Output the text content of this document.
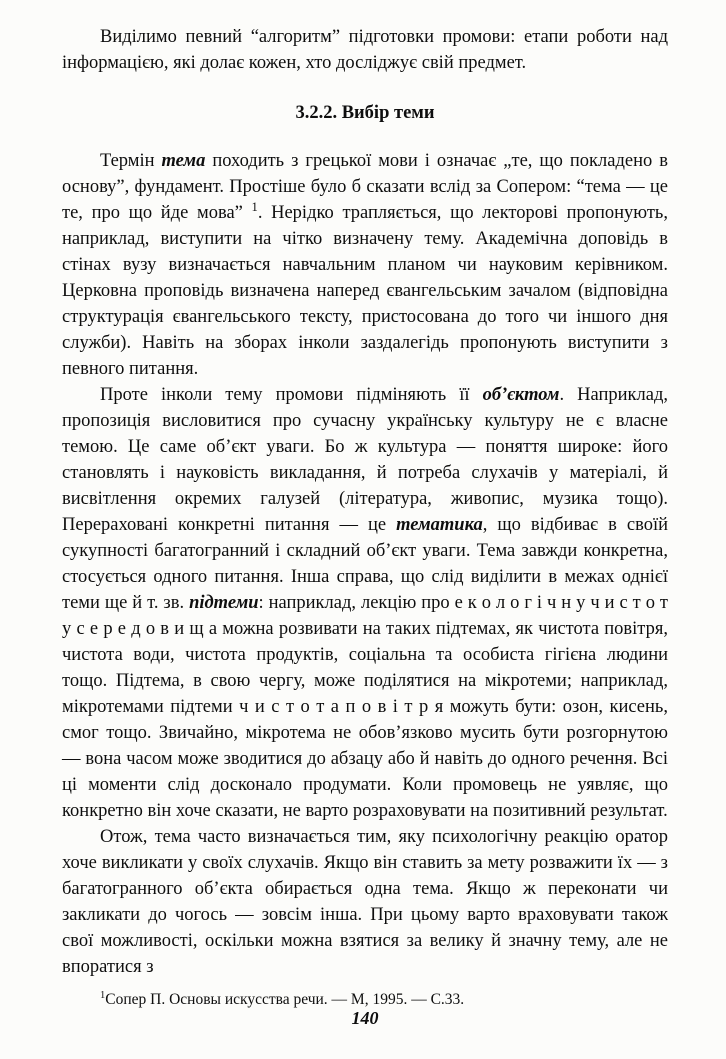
Виділимо певний “алгоритм” підготовки промови: етапи роботи над інформацією, які долає кожен, хто досліджує свій предмет.

3.2.2. Вибір теми

Термін тема походить з грецької мови і означає „те, що покладено в основу”, фундамент. Простіше було б сказати вслід за Сопером: “тема — це те, про що йде мова” $^1$. Нерідко трапляється, що лекторові пропонують, наприклад, виступити на чітко визначену тему. Академічна доповідь в стінах вузу визначається навчальним планом чи науковим керівником. Церковна проповідь визначена наперед євангельським зачалом (відповідна структурація євангельського тексту, пристосована до того чи іншого дня служби). Навіть на зборах інколи заздалегідь пропонують виступити з певного питання.

Проте інколи тему промови підміняють її об’єктом. Наприклад, пропозиція висловитися про сучасну українську культуру не є власне темою. Це саме об’єкт уваги. Бо ж культура — поняття широке: його становлять і науковість викладання, й потреба слухачів у матеріалі, й висвітлення окремих галузей (література, живопис, музика тощо). Перераховані конкретні питання — це тематика, що відбиває в своїй сукупності багатогранний і складний об’єкт уваги. Тема завжди конкретна, стосується одного питання. Інша справа, що слід виділити в межах однієї теми ще й т. зв. підтеми: наприклад, лекцію про е к о л о г і ч н у ч и с т о т у с е р е д о в и щ а можна розвивати на таких підтемах, як чистота повітря, чистота води, чистота продуктів, соціальна та особиста гігієна людини тощо. Підтема, в свою чергу, може поділятися на мікротеми; наприклад, мікротемами підтеми ч и с т о т а п о в і т р я можуть бути: озон, кисень, смог тощо. Звичайно, мікротема не обов’язково мусить бути розгорнутою — вона часом може зводитися до абзацу або й навіть до одного речення. Всі ці моменти слід досконало продумати. Коли промовець не уявляє, що конкретно він хоче сказати, не варто розраховувати на позитивний результат.

Отож, тема часто визначається тим, яку психологічну реакцію оратор хоче викликати у своїх слухачів. Якщо він ставить за мету розважити їх — з багатогранного об’єкта обирається одна тема. Якщо ж переконати чи закликати до чогось — зовсім інша. При цьому варто враховувати також свої можливості, оскільки можна взятися за велику й значну тему, але не впоратися з

$^1$Сопер П. Основы искусства речи. — М, 1995. — С.33.
140
